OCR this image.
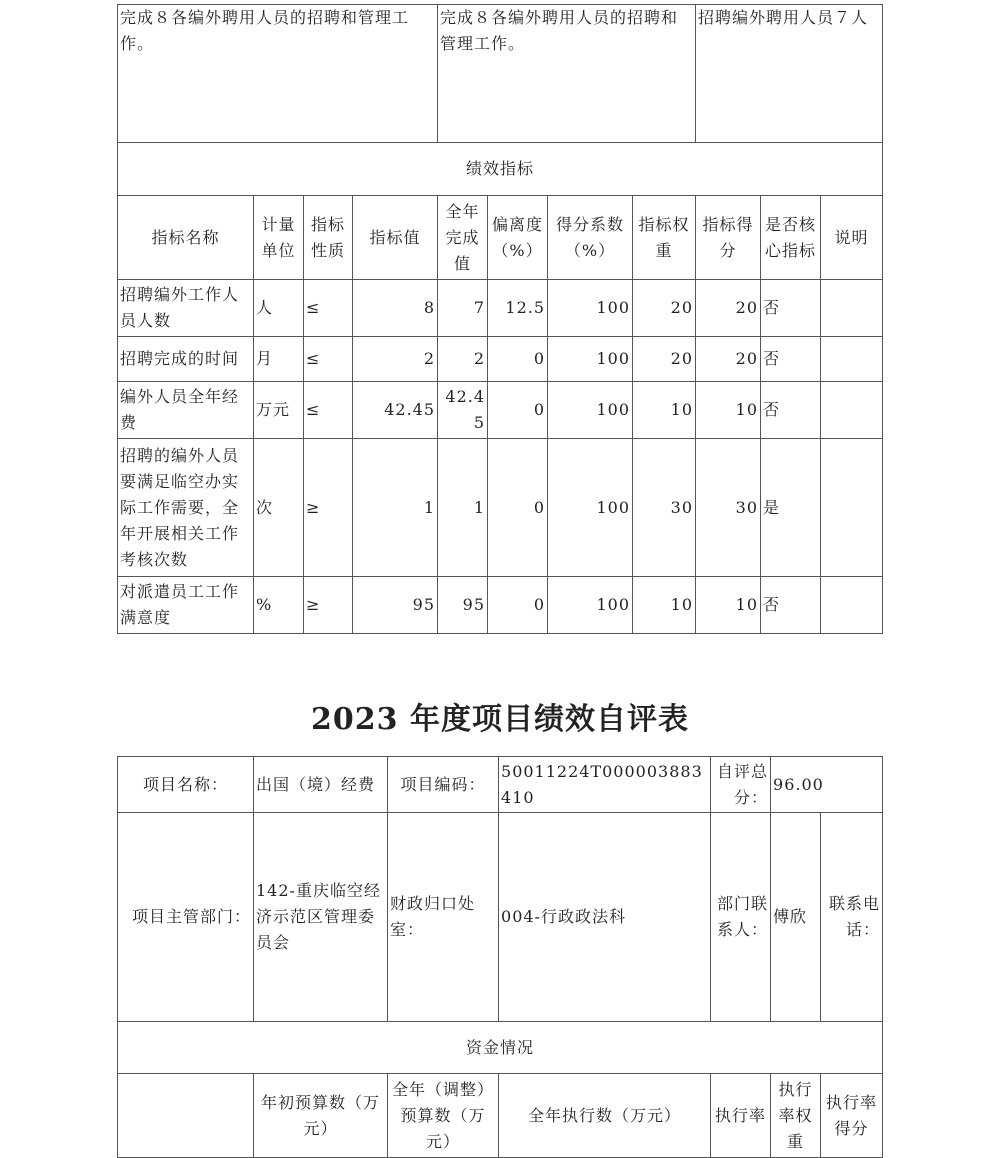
完成８各编外聘用人员的招聘和管理工作。				完成８各编外聘用人员的招聘和管理工作。				招聘编外聘用人员７人		
绩效指标										
指标名称	计量单位	指标性质	指标值	全年完成值	偏离度（%）	得分系数（%）	指标权重	指标得分	是否核心指标	说明
招聘编外工作人员人数	人	≤	8	7	12.5	100	20	20	否	
招聘完成的时间	月	≤	2	2	0	100	20	20	否	
编外人员全年经费	万元	≤	42.45	42.45	0	100	10	10	否	
招聘的编外人员要满足临空办实际工作需要，全年开展相关工作考核次数	次	≥	1	1	0	100	30	30	是	
对派遣员工工作满意度	%	≥	95	95	0	100	10	10	否	
2023 年度项目绩效自评表
项目名称：	出国（境）经费	项目编码：	50011224T000003883410	自评总分：	96.00		
项目主管部门：	142-重庆临空经济示范区管理委员会	财政归口处室：	004-行政政法科	部门联系人：	傅欣	联系电话：	
资金情况							
	年初预算数（万元）	全年（调整）预算数（万元）	全年执行数（万元）	执行率	执行率权重	执行率得分	
